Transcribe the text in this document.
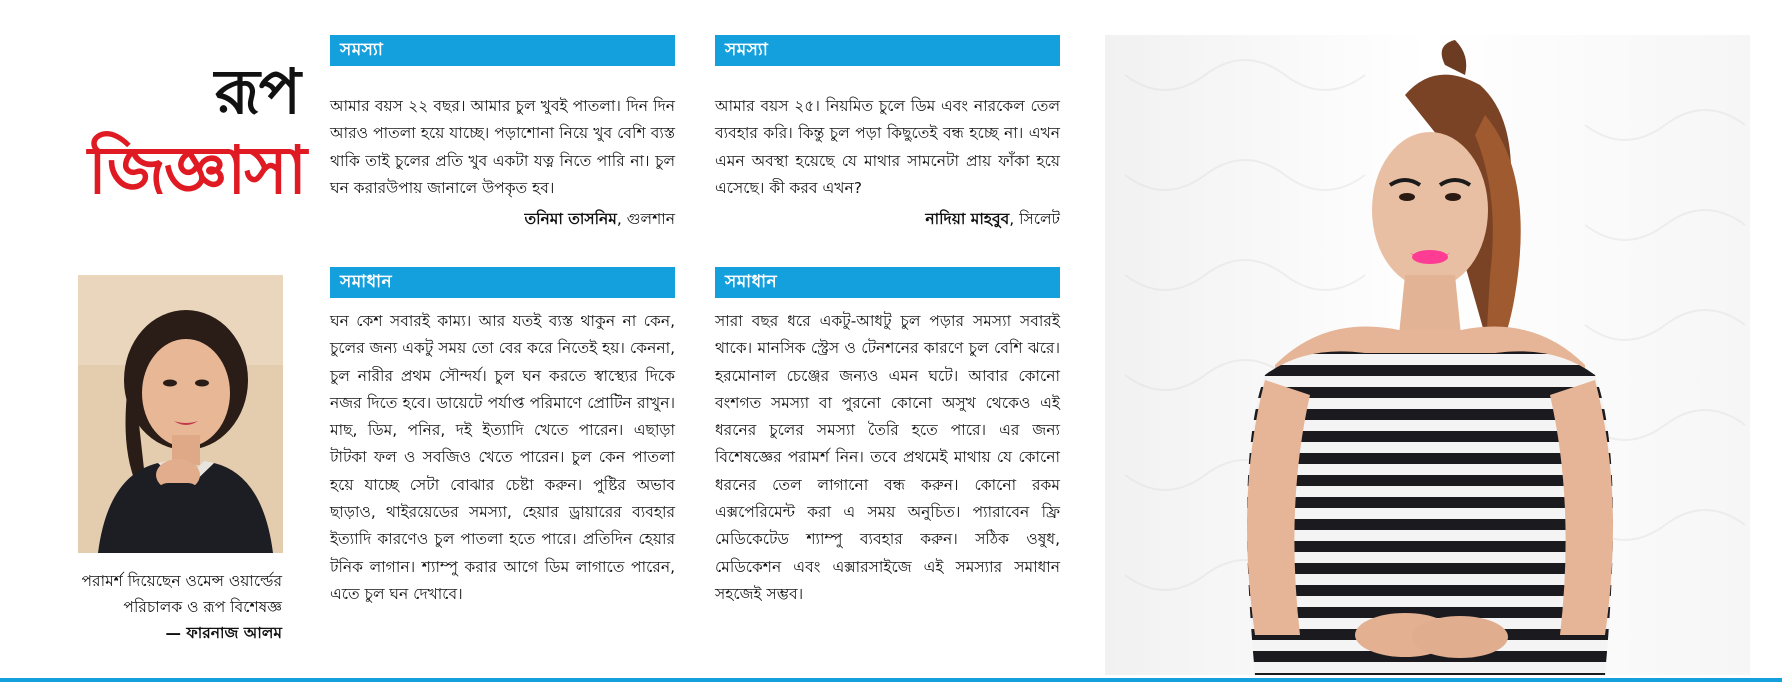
রূপ
জিজ্ঞাসা
পরামর্শ দিয়েছেন ওমেন্স ওয়ার্ল্ডের
পরিচালক ও রূপ বিশেষজ্ঞ
— ফারনাজ আলম
সমস্যা

আমার বয়স ২২ বছর। আমার চুল খুবই পাতলা। দিন দিন আরও পাতলা হয়ে যাচ্ছে। পড়াশোনা নিয়ে খুব বেশি ব্যস্ত থাকি তাই চুলের প্রতি খুব একটা যত্ন নিতে পারি না। চুল ঘন করারউপায় জানালে উপকৃত হব।

তনিমা তাসনিম, গুলশান
সমাধান

ঘন কেশ সবারই কাম্য। আর যতই ব্যস্ত থাকুন না কেন, চুলের জন্য একটু সময় তো বের করে নিতেই হয়। কেননা, চুল নারীর প্রথম সৌন্দর্য। চুল ঘন করতে স্বাস্থ্যের দিকে নজর দিতে হবে। ডায়েটে পর্যাপ্ত পরিমাণে প্রোটিন রাখুন। মাছ, ডিম, পনির, দই ইত্যাদি খেতে পারেন। এছাড়া টাটকা ফল ও সবজিও খেতে পারেন। চুল কেন পাতলা হয়ে যাচ্ছে সেটা বোঝার চেষ্টা করুন। পুষ্টির অভাব ছাড়াও, থাইরয়েডের সমস্যা, হেয়ার ড্রায়ারের ব্যবহার ইত্যাদি কারণেও চুল পাতলা হতে পারে। প্রতিদিন হেয়ার টনিক লাগান। শ্যাম্পু করার আগে ডিম লাগাতে পারেন, এতে চুল ঘন দেখাবে।

সমস্যা

আমার বয়স ২৫। নিয়মিত চুলে ডিম এবং নারকেল তেল ব্যবহার করি। কিন্তু চুল পড়া কিছুতেই বন্ধ হচ্ছে না। এখন এমন অবস্থা হয়েছে যে মাথার সামনেটা প্রায় ফাঁকা হয়ে এসেছে। কী করব এখন?

নাদিয়া মাহবুব, সিলেট
সমাধান

সারা বছর ধরে একটু-আধটু চুল পড়ার সমস্যা সবারই থাকে। মানসিক স্ট্রেস ও টেনশনের কারণে চুল বেশি ঝরে। হরমোনাল চেঞ্জের জন্যও এমন ঘটে। আবার কোনো বংশগত সমস্যা বা পুরনো কোনো অসুখ থেকেও এই ধরনের চুলের সমস্যা তৈরি হতে পারে। এর জন্য বিশেষজ্ঞের পরামর্শ নিন। তবে প্রথমেই মাথায় যে কোনো ধরনের তেল লাগানো বন্ধ করুন। কোনো রকম এক্সপেরিমেন্ট করা এ সময় অনুচিত। প্যারাবেন ফ্রি মেডিকেটেড শ্যাম্পু ব্যবহার করুন। সঠিক ওষুধ, মেডিকেশন এবং এক্সারসাইজে এই সমস্যার সমাধান সহজেই সম্ভব।
